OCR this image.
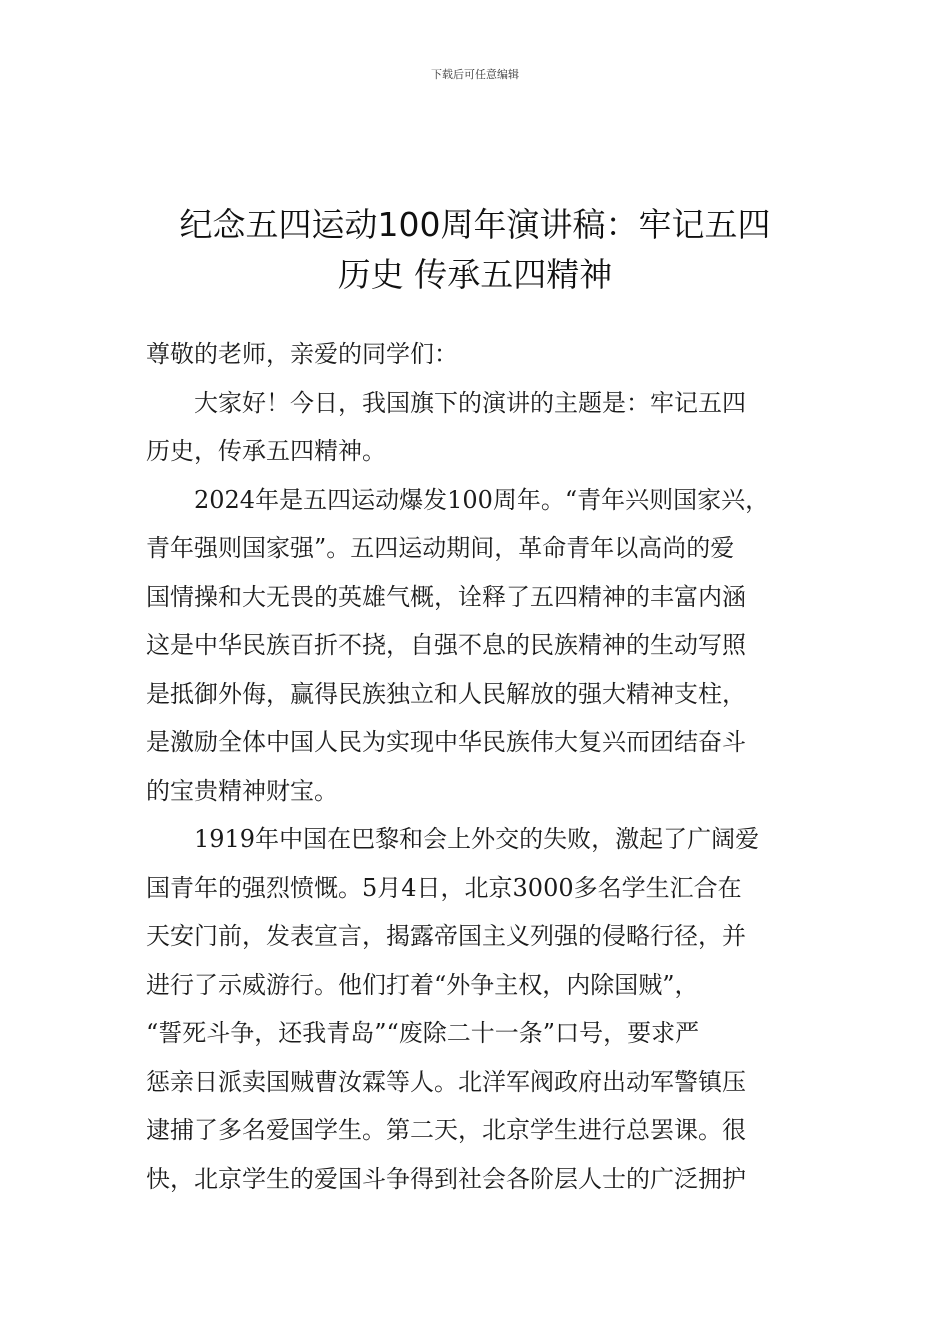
下载后可任意编辑
纪念五四运动100周年演讲稿：牢记五四
历史 传承五四精神

尊敬的老师，亲爱的同学们：

大家好！今日，我国旗下的演讲的主题是：牢记五四
历史，传承五四精神。

2024年是五四运动爆发100周年。“青年兴则国家兴，
青年强则国家强”。五四运动期间，革命青年以高尚的爱
国情操和大无畏的英雄气概，诠释了五四精神的丰富内涵
这是中华民族百折不挠，自强不息的民族精神的生动写照
是抵御外侮，赢得民族独立和人民解放的强大精神支柱，
是激励全体中国人民为实现中华民族伟大复兴而团结奋斗
的宝贵精神财宝。

1919年中国在巴黎和会上外交的失败，激起了广阔爱
国青年的强烈愤慨。5月4日，北京3000多名学生汇合在
天安门前，发表宣言，揭露帝国主义列强的侵略行径，并
进行了示威游行。他们打着“外争主权，内除国贼”，
“誓死斗争，还我青岛”“废除二十一条”口号，要求严
惩亲日派卖国贼曹汝霖等人。北洋军阀政府出动军警镇压
逮捕了多名爱国学生。第二天，北京学生进行总罢课。很
快，北京学生的爱国斗争得到社会各阶层人士的广泛拥护
